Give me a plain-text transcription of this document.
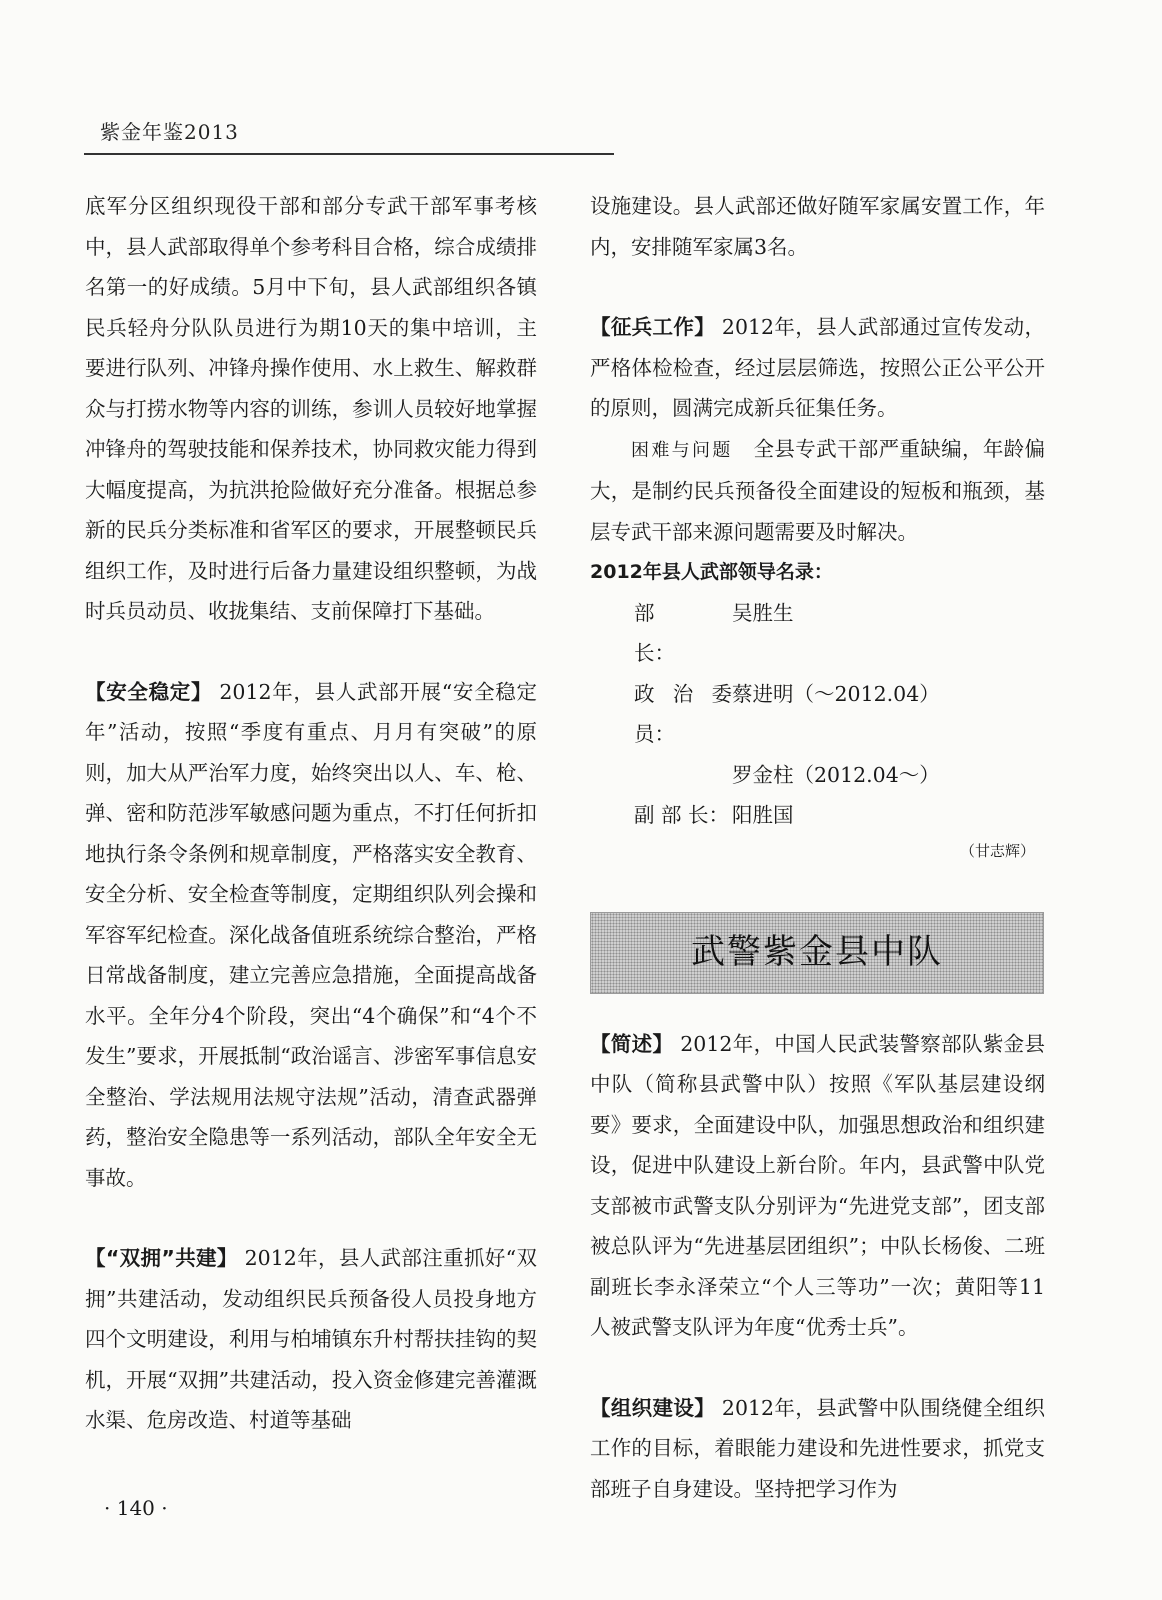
紫金年鉴2013

底军分区组织现役干部和部分专武干部军事考核中，县人武部取得单个参考科目合格，综合成绩排名第一的好成绩。5月中下旬，县人武部组织各镇民兵轻舟分队队员进行为期10天的集中培训，主要进行队列、冲锋舟操作使用、水上救生、解救群众与打捞水物等内容的训练，参训人员较好地掌握冲锋舟的驾驶技能和保养技术，协同救灾能力得到大幅度提高，为抗洪抢险做好充分准备。根据总参新的民兵分类标准和省军区的要求，开展整顿民兵组织工作，及时进行后备力量建设组织整顿，为战时兵员动员、收拢集结、支前保障打下基础。

【安全稳定】 2012年，县人武部开展“安全稳定年”活动，按照“季度有重点、月月有突破”的原则，加大从严治军力度，始终突出以人、车、枪、弹、密和防范涉军敏感问题为重点，不打任何折扣地执行条令条例和规章制度，严格落实安全教育、安全分析、安全检查等制度，定期组织队列会操和军容军纪检查。深化战备值班系统综合整治，严格日常战备制度，建立完善应急措施，全面提高战备水平。全年分4个阶段，突出“4个确保”和“4个不发生”要求，开展抵制“政治谣言、涉密军事信息安全整治、学法规用法规守法规”活动，清查武器弹药，整治安全隐患等一系列活动，部队全年安全无事故。

【“双拥”共建】 2012年，县人武部注重抓好“双拥”共建活动，发动组织民兵预备役人员投身地方四个文明建设，利用与柏埔镇东升村帮扶挂钩的契机，开展“双拥”共建活动，投入资金修建完善灌溉水渠、危房改造、村道等基础

设施建设。县人武部还做好随军家属安置工作，年内，安排随军家属3名。

【征兵工作】 2012年，县人武部通过宣传发动，严格体检检查，经过层层筛选，按照公正公平公开的原则，圆满完成新兵征集任务。

困难与问题　全县专武干部严重缺编，年龄偏大，是制约民兵预备役全面建设的短板和瓶颈，基层专武干部来源问题需要及时解决。

2012年县人武部领导名录：

部　　长：
吴胜生
政治委员：
蔡进明（～2012.04）
罗金柱（2012.04～）
副 部 长： 阳胜国
（甘志辉）
武警紫金县中队

【简述】 2012年，中国人民武装警察部队紫金县中队（简称县武警中队）按照《军队基层建设纲要》要求，全面建设中队，加强思想政治和组织建设，促进中队建设上新台阶。年内，县武警中队党支部被市武警支队分别评为“先进党支部”，团支部被总队评为“先进基层团组织”；中队长杨俊、二班副班长李永泽荣立“个人三等功”一次；黄阳等11人被武警支队评为年度“优秀士兵”。

【组织建设】 2012年，县武警中队围绕健全组织工作的目标，着眼能力建设和先进性要求，抓党支部班子自身建设。坚持把学习作为

· 140 ·
